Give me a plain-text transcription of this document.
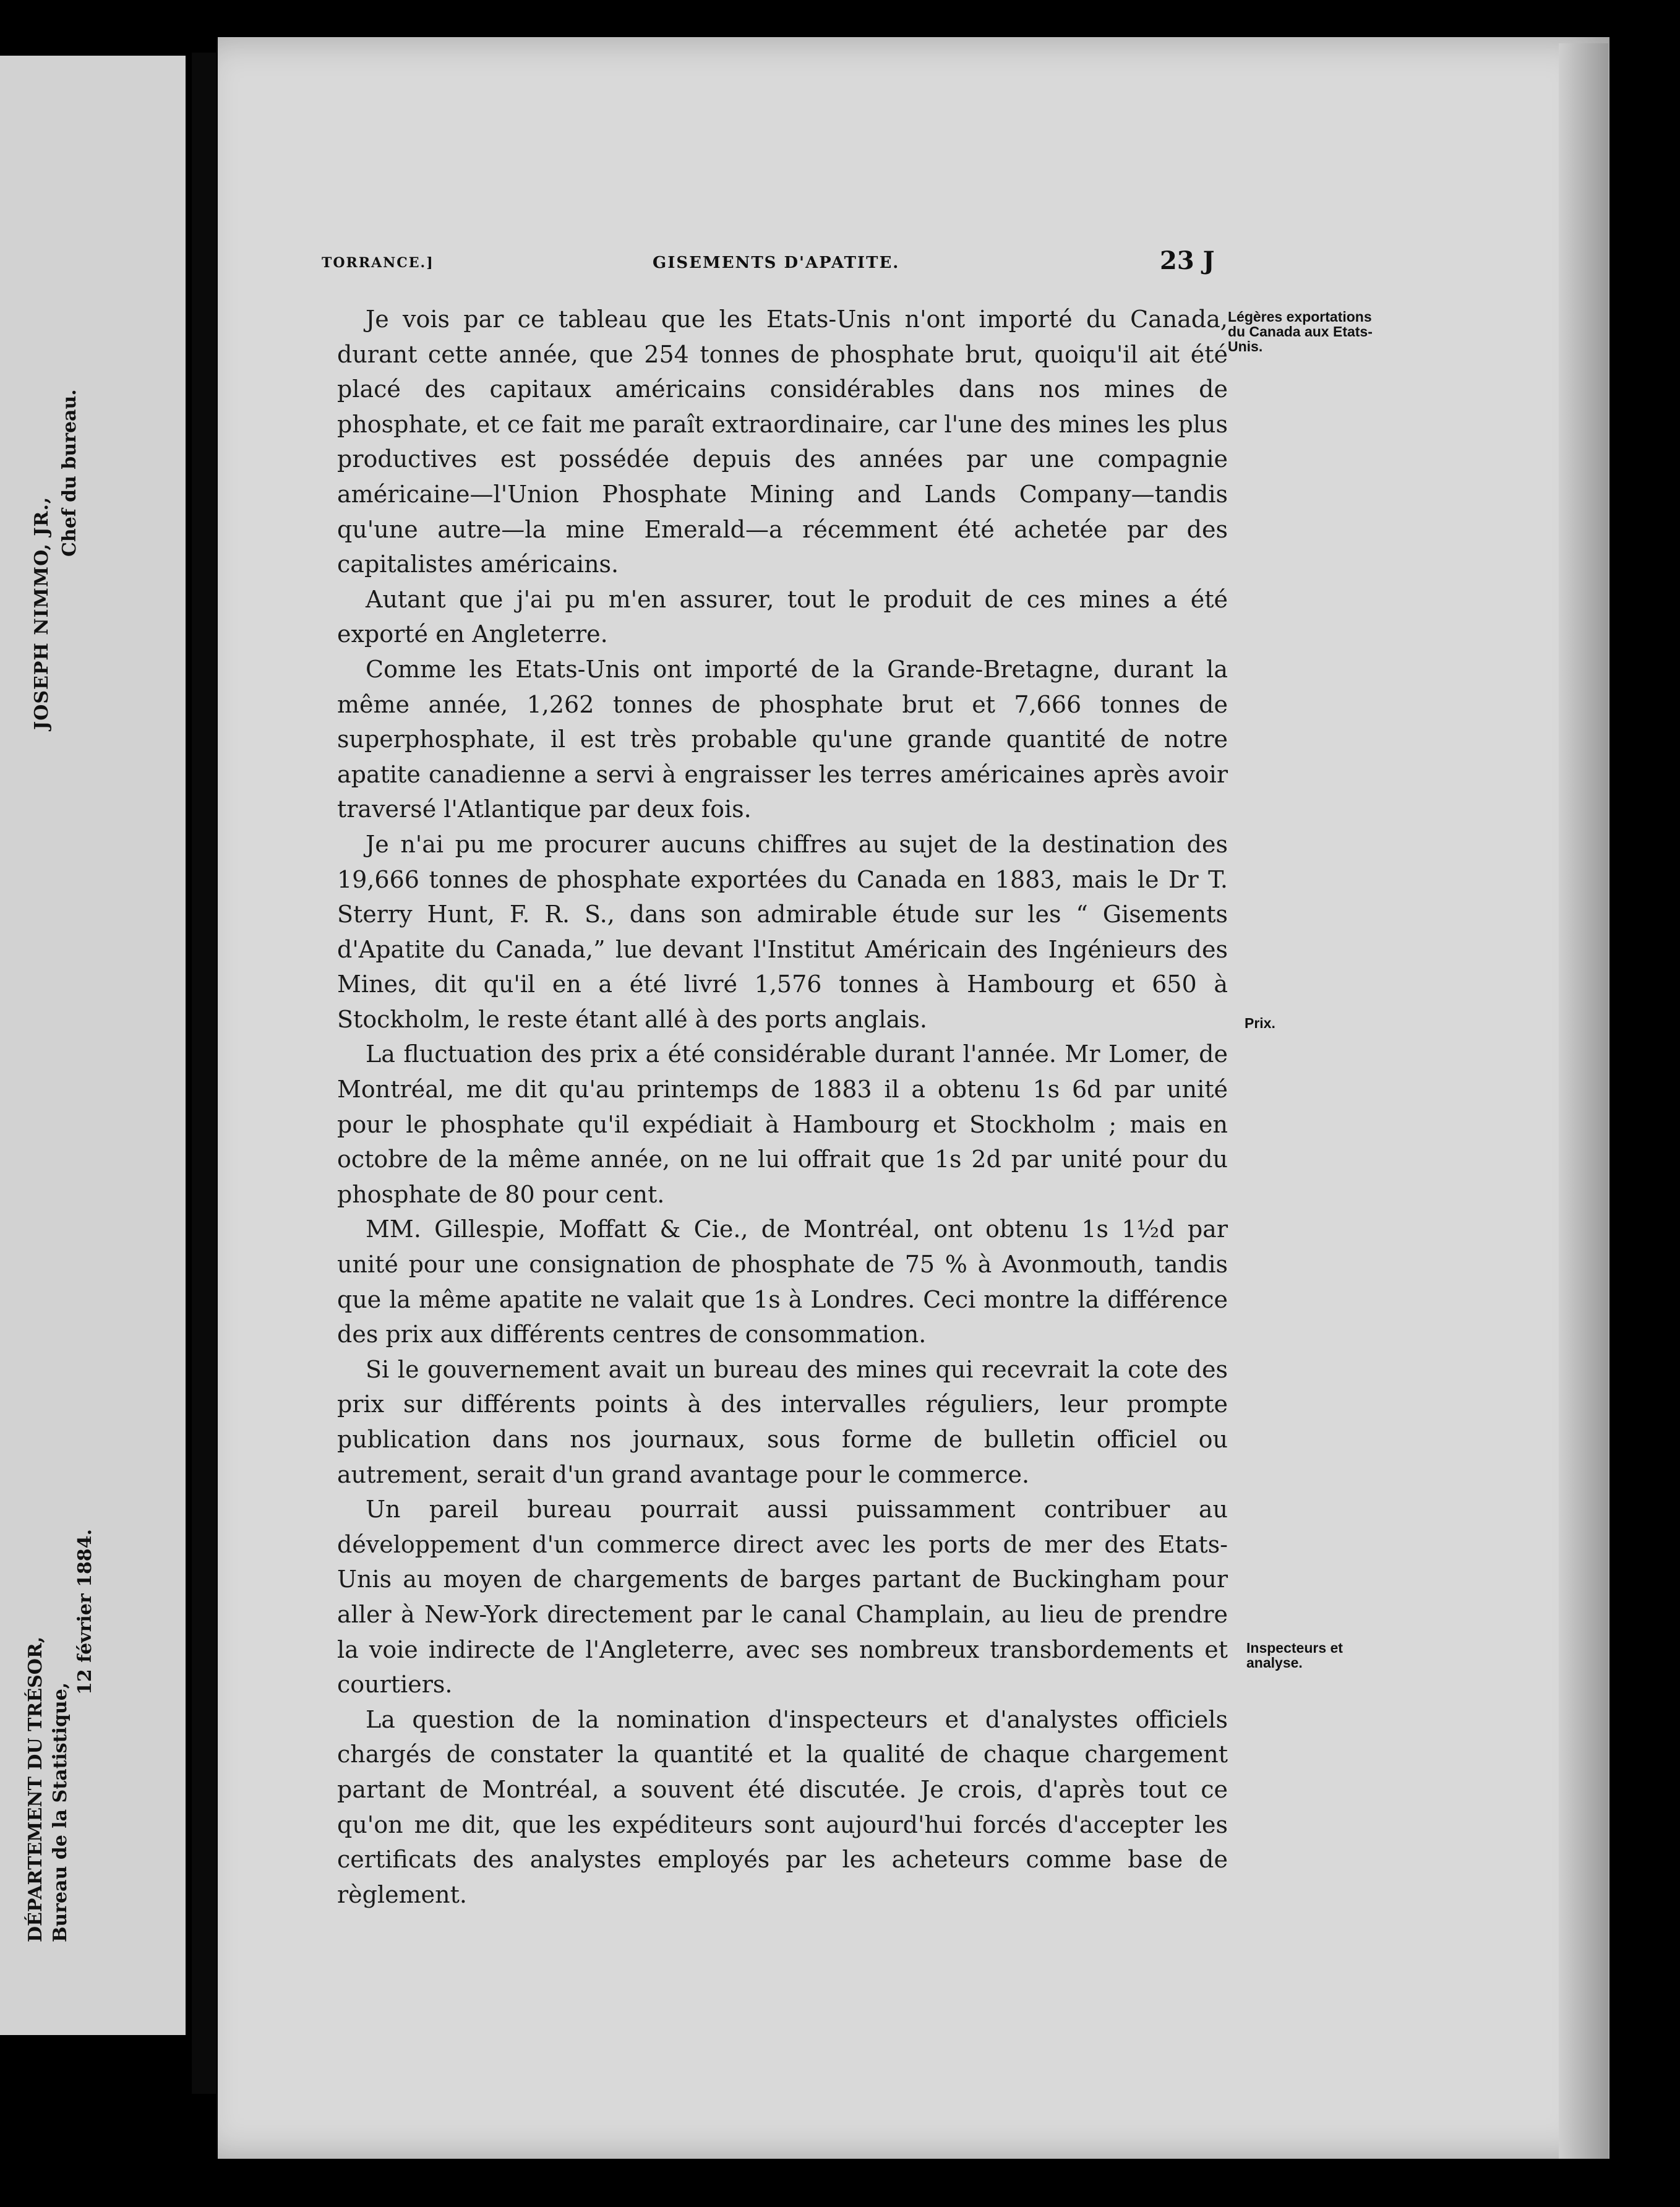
JOSEPH NIMMO, JR.,
Chef du bureau.
DÉPARTEMENT DU TRÉSOR, Bureau de la Statistique,
12 février 1884.
TORRANCE.]	GISEMENTS D'APATITE.	23 J

Je vois par ce tableau que les Etats-Unis n'ont importé du Canada, durant cette année, que 254 tonnes de phosphate brut, quoiqu'il ait été placé des capitaux américains considérables dans nos mines de phosphate, et ce fait me paraît extraordinaire, car l'une des mines les plus productives est possédée depuis des années par une compagnie américaine—l'Union Phosphate Mining and Lands Company—tandis qu'une autre—la mine Emerald—a récemment été achetée par des capitalistes américains.

Autant que j'ai pu m'en assurer, tout le produit de ces mines a été exporté en Angleterre.

Comme les Etats-Unis ont importé de la Grande-Bretagne, durant la même année, 1,262 tonnes de phosphate brut et 7,666 tonnes de superphosphate, il est très probable qu'une grande quantité de notre apatite canadienne a servi à engraisser les terres américaines après avoir traversé l'Atlantique par deux fois.

Je n'ai pu me procurer aucuns chiffres au sujet de la destination des 19,666 tonnes de phosphate exportées du Canada en 1883, mais le Dr T. Sterry Hunt, F. R. S., dans son admirable étude sur les “ Gisements d'Apatite du Canada,” lue devant l'Institut Américain des Ingénieurs des Mines, dit qu'il en a été livré 1,576 tonnes à Hambourg et 650 à Stockholm, le reste étant allé à des ports anglais.

La fluctuation des prix a été considérable durant l'année. Mr Lomer, de Montréal, me dit qu'au printemps de 1883 il a obtenu 1s 6d par unité pour le phosphate qu'il expédiait à Hambourg et Stockholm ; mais en octobre de la même année, on ne lui offrait que 1s 2d par unité pour du phosphate de 80 pour cent.

MM. Gillespie, Moffatt & Cie., de Montréal, ont obtenu 1s 1½d par unité pour une consignation de phosphate de 75 % à Avonmouth, tandis que la même apatite ne valait que 1s à Londres. Ceci montre la différence des prix aux différents centres de consommation.

Si le gouvernement avait un bureau des mines qui recevrait la cote des prix sur différents points à des intervalles réguliers, leur prompte publication dans nos journaux, sous forme de bulletin officiel ou autrement, serait d'un grand avantage pour le commerce.

Un pareil bureau pourrait aussi puissamment contribuer au développement d'un commerce direct avec les ports de mer des Etats-Unis au moyen de chargements de barges partant de Buckingham pour aller à New-York directement par le canal Champlain, au lieu de prendre la voie indirecte de l'Angleterre, avec ses nombreux transbordements et courtiers.

La question de la nomination d'inspecteurs et d'analystes officiels chargés de constater la quantité et la qualité de chaque chargement partant de Montréal, a souvent été discutée. Je crois, d'après tout ce qu'on me dit, que les expéditeurs sont aujourd'hui forcés d'accepter les certificats des analystes employés par les acheteurs comme base de règlement.

Légères exportations du Canada aux Etats-Unis.
Prix.
Inspecteurs et analyse.
